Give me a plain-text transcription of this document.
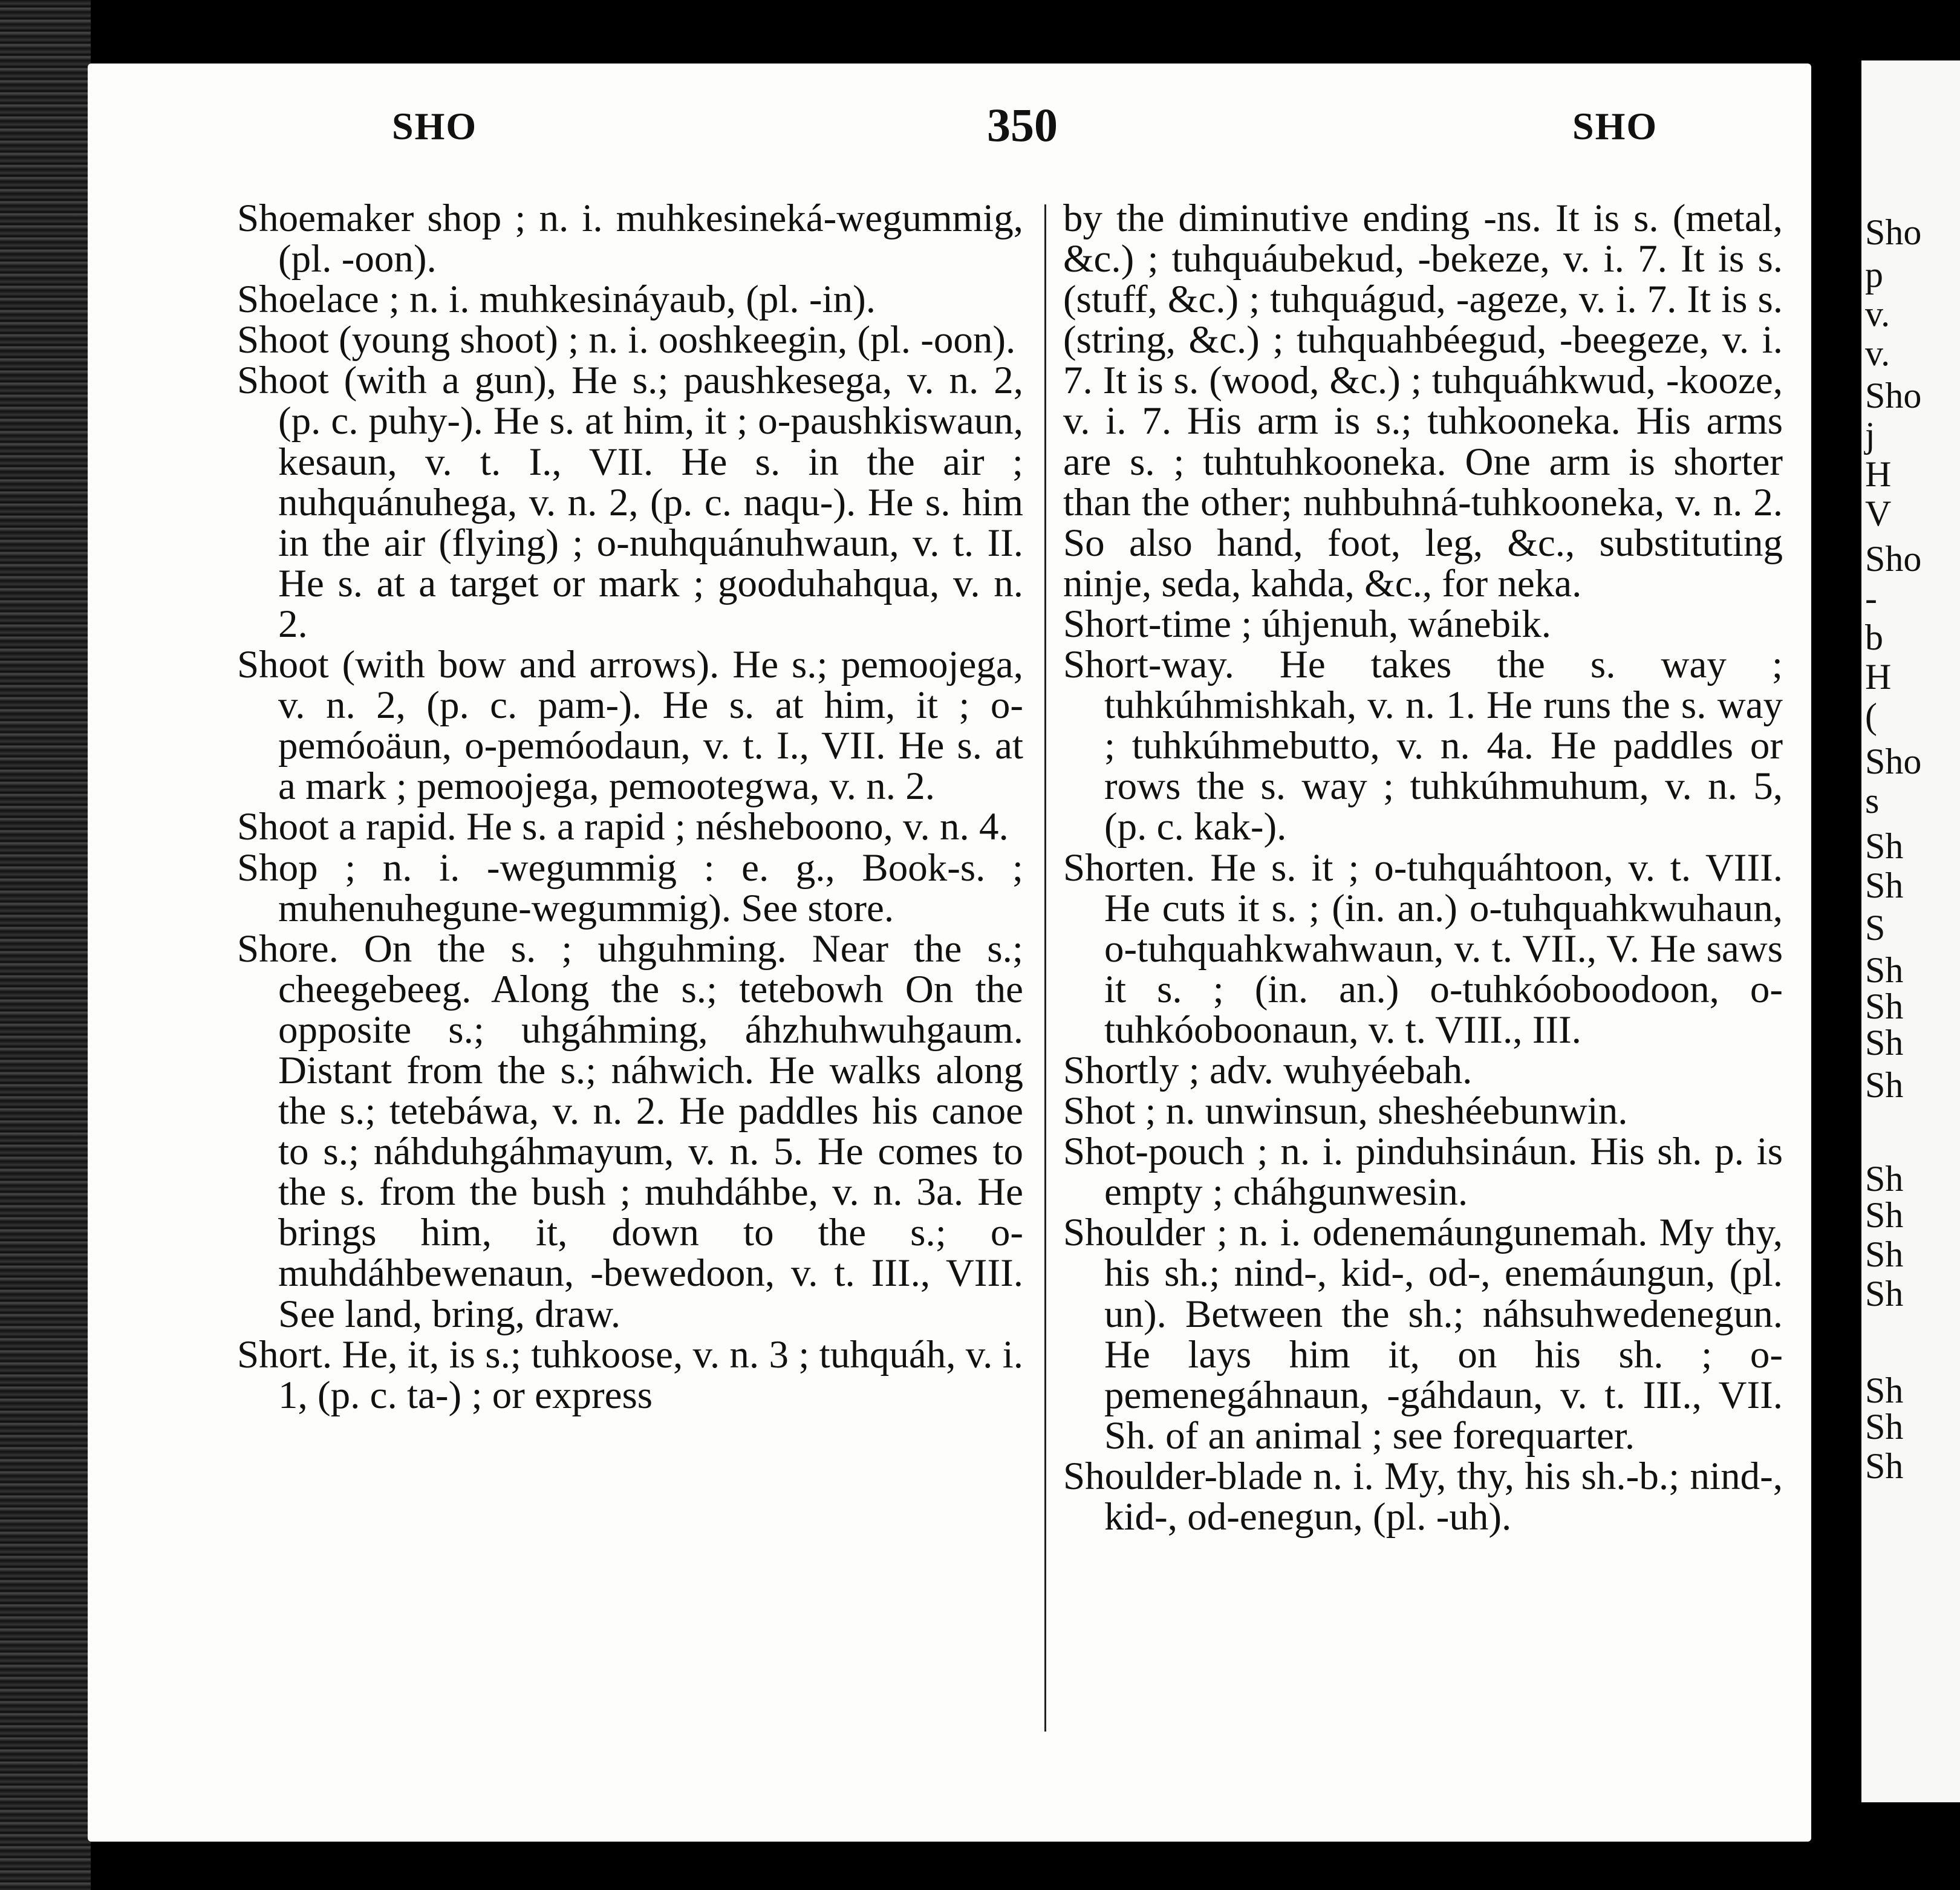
Sho
p
v.
v.
Sho
j
H
V
Sho
-
b
H
(
Sho
s
Sh
Sh
S
Sh
Sh
Sh
Sh
Sh
Sh
Sh
Sh
Sh
Sh
Sh
SHO	350	SHO
Shoemaker shop ; n. i. muhkesineká-wegummig, (pl. -oon).
Shoelace ; n. i. muhkesináyaub, (pl. -in).
Shoot (young shoot) ; n. i. ooshkeegin, (pl. -oon).
Shoot (with a gun), He s.; paushkesega, v. n. 2, (p. c. puhy-). He s. at him, it ; o-paushkiswaun, kesaun, v. t. I., VII. He s. in the air ; nuhquánuhega, v. n. 2, (p. c. naqu-). He s. him in the air (flying) ; o-nuhquánuhwaun, v. t. II. He s. at a target or mark ; gooduhahqua, v. n. 2.
Shoot (with bow and arrows). He s.; pemoojega, v. n. 2, (p. c. pam-). He s. at him, it ; o-pemóoäun, o-pemóodaun, v. t. I., VII. He s. at a mark ; pemoojega, pemootegwa, v. n. 2.
Shoot a rapid. He s. a rapid ; nésheboono, v. n. 4.
Shop ; n. i. -wegummig : e. g., Book-s. ; muhenuhegune-wegummig). See store.
Shore. On the s. ; uhguhming. Near the s.; cheegebeeg. Along the s.; tetebowh On the opposite s.; uhgáhming, áhzhuhwuhgaum. Distant from the s.; náhwich. He walks along the s.; tetebáwa, v. n. 2. He paddles his canoe to s.; náhduhgáhmayum, v. n. 5. He comes to the s. from the bush ; muhdáhbe, v. n. 3a. He brings him, it, down to the s.; o-muhdáhbewenaun, -bewedoon, v. t. III., VIII. See land, bring, draw.
Short. He, it, is s.; tuhkoose, v. n. 3 ; tuhquáh, v. i. 1, (p. c. ta-) ; or express
by the diminutive ending -ns. It is s. (metal, &c.) ; tuhquáubekud, -bekeze, v. i. 7. It is s. (stuff, &c.) ; tuhquágud, -ageze, v. i. 7. It is s. (string, &c.) ; tuhquahbéegud, -beegeze, v. i. 7. It is s. (wood, &c.) ; tuhquáhkwud, -kooze, v. i. 7. His arm is s.; tuhkooneka. His arms are s. ; tuhtuhkooneka. One arm is shorter than the other; nuhbuhná-tuhkooneka, v. n. 2. So also hand, foot, leg, &c., substituting ninje, seda, kahda, &c., for neka.
Short-time ; úhjenuh, wánebik.
Short-way. He takes the s. way ; tuhkúhmishkah, v. n. 1. He runs the s. way ; tuhkúhmebutto, v. n. 4a. He paddles or rows the s. way ; tuhkúhmuhum, v. n. 5, (p. c. kak-).
Shorten. He s. it ; o-tuhquáhtoon, v. t. VIII. He cuts it s. ; (in. an.) o-tuhquahkwuhaun, o-tuhquahkwahwaun, v. t. VII., V. He saws it s. ; (in. an.) o-tuhkóoboodoon, o-tuhkóoboonaun, v. t. VIII., III.
Shortly ; adv. wuhyéebah.
Shot ; n. unwinsun, sheshéebunwin.
Shot-pouch ; n. i. pinduhsináun. His sh. p. is empty ; cháhgunwesin.
Shoulder ; n. i. odenemáungunemah. My thy, his sh.; nind-, kid-, od-, enemáungun, (pl. un). Between the sh.; náhsuhwedenegun. He lays him it, on his sh. ; o-pemenegáhnaun, -gáhdaun, v. t. III., VII. Sh. of an animal ; see forequarter.
Shoulder-blade n. i. My, thy, his sh.-b.; nind-, kid-, od-enegun, (pl. -uh).
